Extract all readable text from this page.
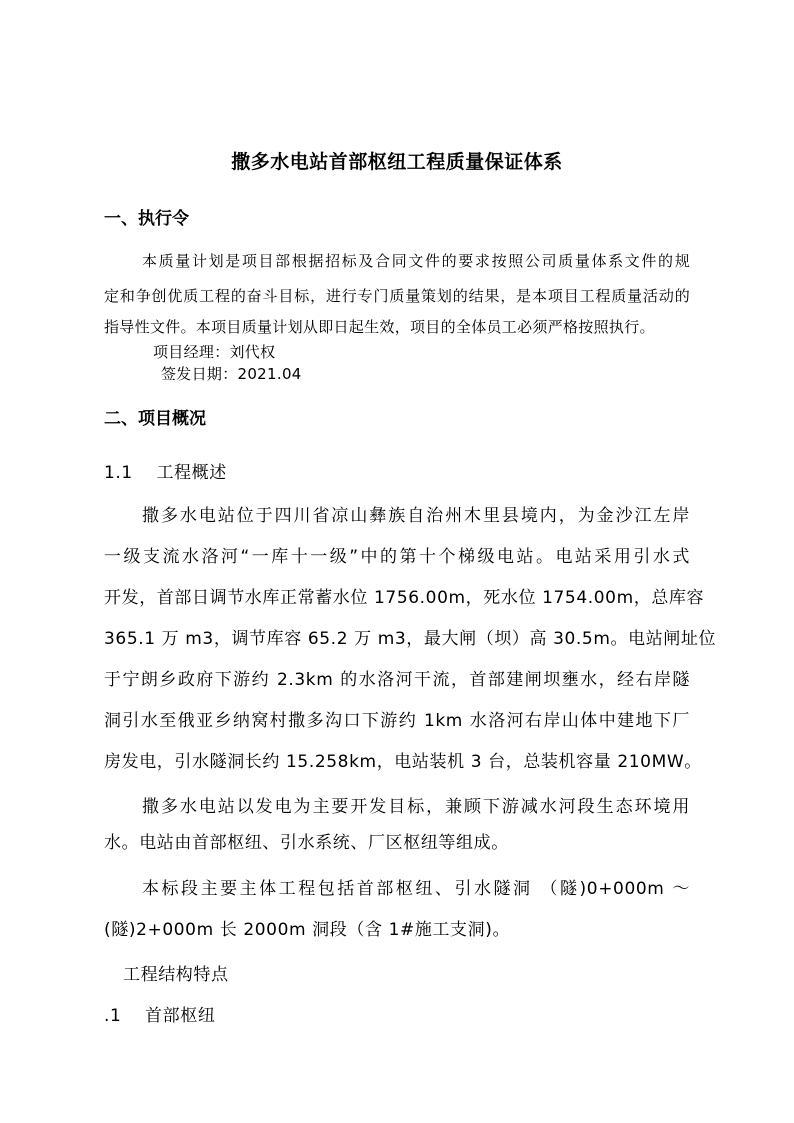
撒多水电站首部枢纽工程质量保证体系
一、执行令
本质量计划是项目部根据招标及合同文件的要求按照公司质量体系文件的规
定和争创优质工程的奋斗目标，进行专门质量策划的结果，是本项目工程质量活动的
指导性文件。本项目质量计划从即日起生效，项目的全体员工必须严格按照执行。
项目经理：刘代权
签发日期：2021.04
二、项目概况
1.1　 工程概述
撒多水电站位于四川省凉山彝族自治州木里县境内，为金沙江左岸
一级支流水洛河“一库十一级”中的第十个梯级电站。电站采用引水式
开发，首部日调节水库正常蓄水位 1756.00m，死水位 1754.00m，总库容
365.1 万 m3，调节库容 65.2 万 m3，最大闸（坝）高 30.5m。电站闸址位
于宁朗乡政府下游约 2.3km 的水洛河干流，首部建闸坝壅水，经右岸隧
洞引水至俄亚乡纳窝村撒多沟口下游约 1km 水洛河右岸山体中建地下厂
房发电，引水隧洞长约 15.258km，电站装机 3 台，总装机容量 210MW。
撒多水电站以发电为主要开发目标，兼顾下游减水河段生态环境用
水。电站由首部枢纽、引水系统、厂区枢纽等组成。
本标段主要主体工程包括首部枢纽、引水隧洞 （隧)0+000m ～
(隧)2+000m 长 2000m 洞段（含 1#施工支洞)。
工程结构特点
.1　 首部枢纽
